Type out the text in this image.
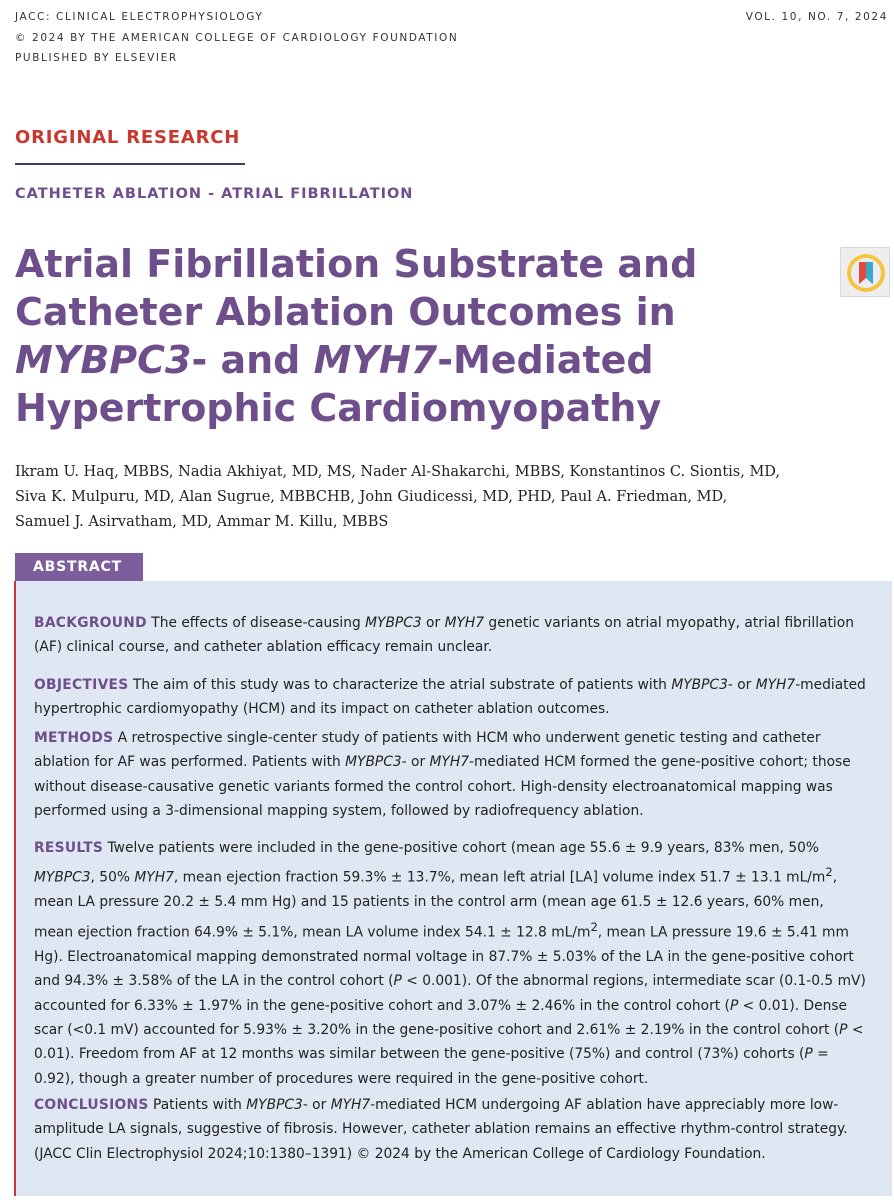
JACC: CLINICAL ELECTROPHYSIOLOGY
© 2024 BY THE AMERICAN COLLEGE OF CARDIOLOGY FOUNDATION
PUBLISHED BY ELSEVIER
VOL. 10, NO. 7, 2024
ORIGINAL RESEARCH
CATHETER ABLATION - ATRIAL FIBRILLATION
Atrial Fibrillation Substrate and
Catheter Ablation Outcomes in
MYBPC3- and MYH7-Mediated
Hypertrophic Cardiomyopathy
Ikram U. Haq, MBBS, Nadia Akhiyat, MD, MS, Nader Al-Shakarchi, MBBS, Konstantinos C. Siontis, MD,
Siva K. Mulpuru, MD, Alan Sugrue, MBBCHB, John Giudicessi, MD, PHD, Paul A. Friedman, MD,
Samuel J. Asirvatham, MD, Ammar M. Killu, MBBS
ABSTRACT

BACKGROUND The effects of disease-causing MYBPC3 or MYH7 genetic variants on atrial myopathy, atrial fibrillation (AF) clinical course, and catheter ablation efficacy remain unclear.

OBJECTIVES The aim of this study was to characterize the atrial substrate of patients with MYBPC3- or MYH7-mediated hypertrophic cardiomyopathy (HCM) and its impact on catheter ablation outcomes.

METHODS A retrospective single-center study of patients with HCM who underwent genetic testing and catheter ablation for AF was performed. Patients with MYBPC3- or MYH7-mediated HCM formed the gene-positive cohort; those without disease-causative genetic variants formed the control cohort. High-density electroanatomical mapping was performed using a 3-dimensional mapping system, followed by radiofrequency ablation.

RESULTS Twelve patients were included in the gene-positive cohort (mean age 55.6 ± 9.9 years, 83% men, 50% MYBPC3, 50% MYH7, mean ejection fraction 59.3% ± 13.7%, mean left atrial [LA] volume index 51.7 ± 13.1 $mL/m^2$, mean LA pressure 20.2 ± 5.4 mm Hg) and 15 patients in the control arm (mean age 61.5 ± 12.6 years, 60% men, mean ejection fraction 64.9% ± 5.1%, mean LA volume index 54.1 ± 12.8 $mL/m^2$, mean LA pressure 19.6 ± 5.41 mm Hg). Electroanatomical mapping demonstrated normal voltage in 87.7% ± 5.03% of the LA in the gene-positive cohort and 94.3% ± 3.58% of the LA in the control cohort (P < 0.001). Of the abnormal regions, intermediate scar (0.1-0.5 mV) accounted for 6.33% ± 1.97% in the gene-positive cohort and 3.07% ± 2.46% in the control cohort (P < 0.01). Dense scar (<0.1 mV) accounted for 5.93% ± 3.20% in the gene-positive cohort and 2.61% ± 2.19% in the control cohort (P < 0.01). Freedom from AF at 12 months was similar between the gene-positive (75%) and control (73%) cohorts (P = 0.92), though a greater number of procedures were required in the gene-positive cohort.

CONCLUSIONS Patients with MYBPC3- or MYH7-mediated HCM undergoing AF ablation have appreciably more low-amplitude LA signals, suggestive of fibrosis. However, catheter ablation remains an effective rhythm-control strategy. (JACC Clin Electrophysiol 2024;10:1380–1391) © 2024 by the American College of Cardiology Foundation.
